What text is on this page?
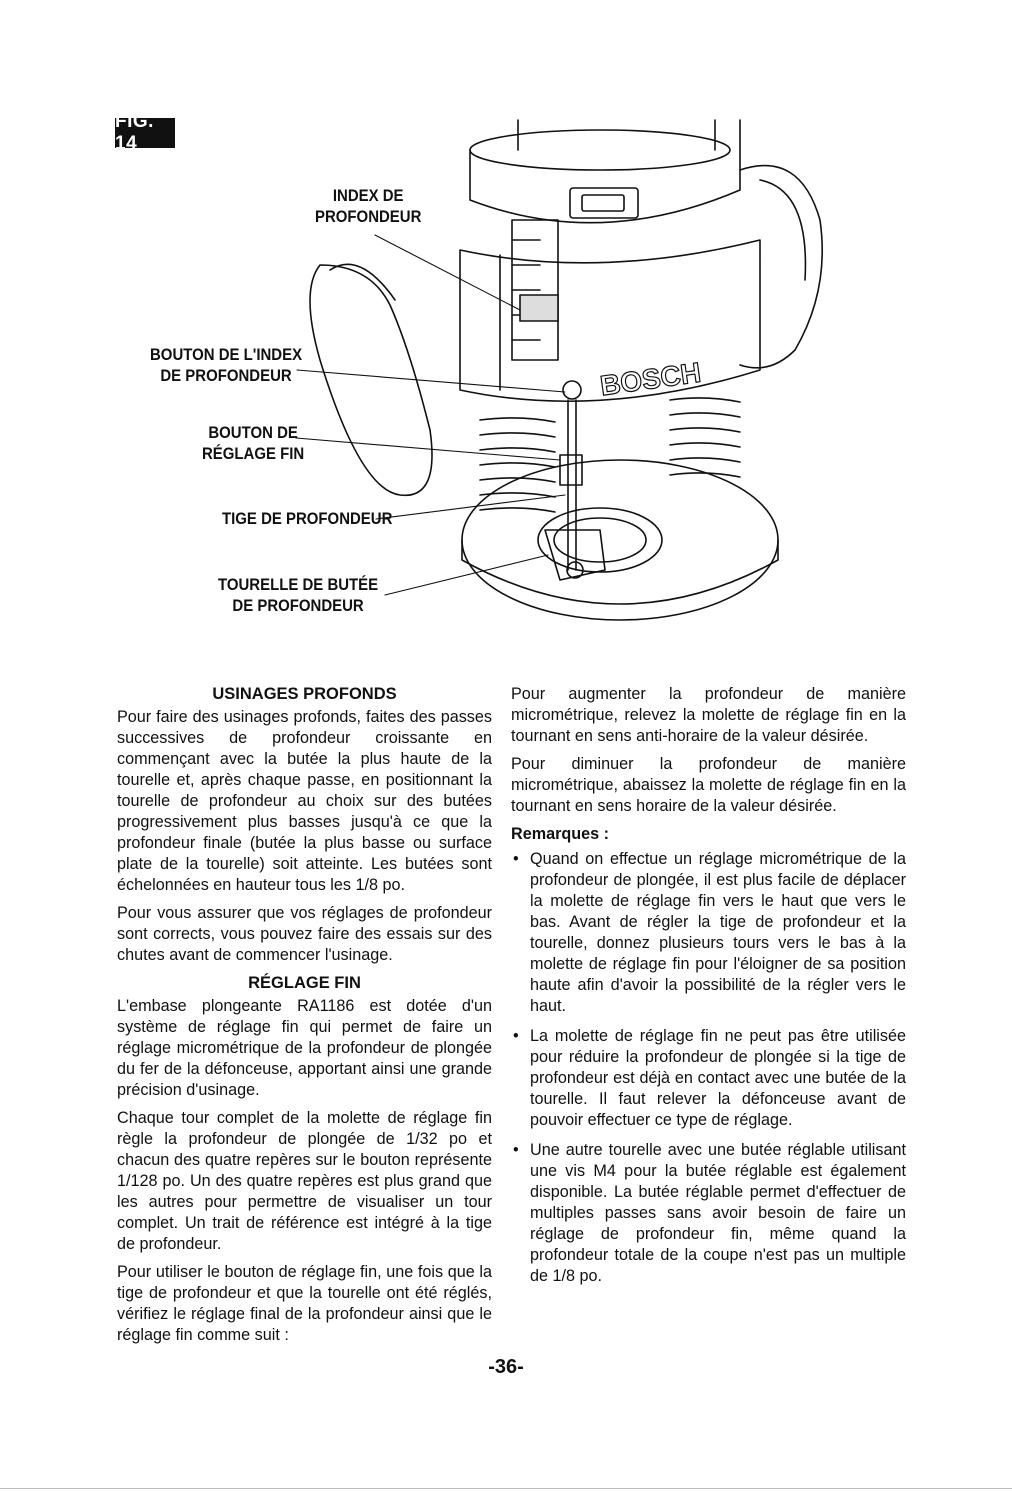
FIG. 14
BOSCH
INDEX DE
PROFONDEUR
BOUTON DE L'INDEX
DE PROFONDEUR
BOUTON DE
RÉGLAGE FIN
TIGE DE PROFONDEUR
TOURELLE DE BUTÉE
DE PROFONDEUR
USINAGES PROFONDS

Pour faire des usinages profonds, faites des passes successives de profondeur croissante en commençant avec la butée la plus haute de la tourelle et, après chaque passe, en positionnant la tourelle de profondeur au choix sur des butées progressivement plus basses jusqu'à ce que la profondeur finale (butée la plus basse ou surface plate de la tourelle) soit atteinte. Les butées sont échelonnées en hauteur tous les 1/8 po.

Pour vous assurer que vos réglages de profondeur sont corrects, vous pouvez faire des essais sur des chutes avant de commencer l'usinage.

RÉGLAGE FIN

L'embase plongeante RA1186 est dotée d'un système de réglage fin qui permet de faire un réglage micrométrique de la profondeur de plongée du fer de la défonceuse, apportant ainsi une grande précision d'usinage.

Chaque tour complet de la molette de réglage fin règle la profondeur de plongée de 1/32 po et chacun des quatre repères sur le bouton représente 1/128 po. Un des quatre repères est plus grand que les autres pour permettre de visualiser un tour complet. Un trait de référence est intégré à la tige de profondeur.

Pour utiliser le bouton de réglage fin, une fois que la tige de profondeur et que la tourelle ont été réglés, vérifiez le réglage final de la profondeur ainsi que le réglage fin comme suit :

Pour augmenter la profondeur de manière micrométrique, relevez la molette de réglage fin en la tournant en sens anti-horaire de la valeur désirée.

Pour diminuer la profondeur de manière micrométrique, abaissez la molette de réglage fin en la tournant en sens horaire de la valeur désirée.

Remarques :
• Quand on effectue un réglage micrométrique de la profondeur de plongée, il est plus facile de déplacer la molette de réglage fin vers le haut que vers le bas. Avant de régler la tige de profondeur et la tourelle, donnez plusieurs tours vers le bas à la molette de réglage fin pour l'éloigner de sa position haute afin d'avoir la possibilité de la régler vers le haut.
• La molette de réglage fin ne peut pas être utilisée pour réduire la profondeur de plongée si la tige de profondeur est déjà en contact avec une butée de la tourelle. Il faut relever la défonceuse avant de pouvoir effectuer ce type de réglage.
• Une autre tourelle avec une butée réglable utilisant une vis M4 pour la butée réglable est également disponible. La butée réglable permet d'effectuer de multiples passes sans avoir besoin de faire un réglage de profondeur fin, même quand la profondeur totale de la coupe n'est pas un multiple de 1/8 po.
-36-
